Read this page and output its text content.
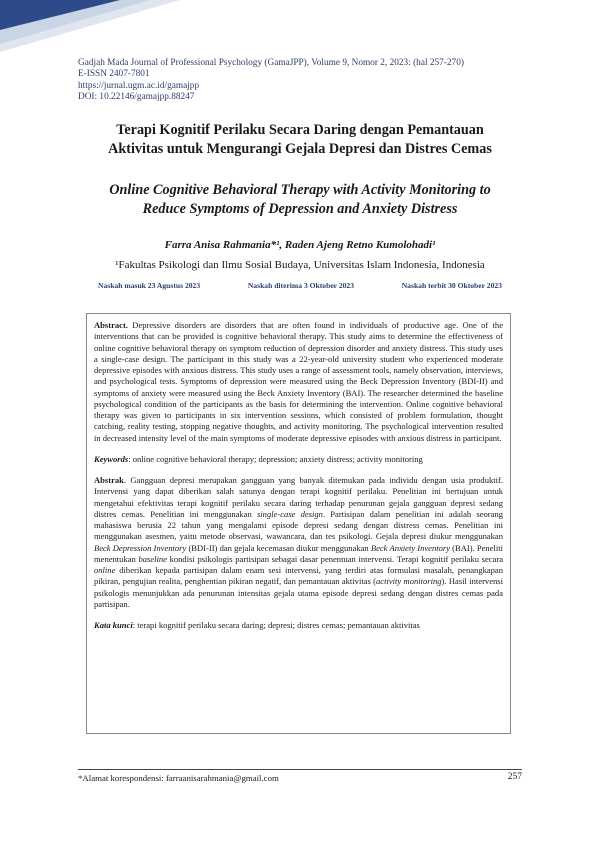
Gadjah Mada Journal of Professional Psychology (GamaJPP), Volume 9, Nomor 2, 2023: (hal 257-270)
E-ISSN 2407-7801
https://jurnal.ugm.ac.id/gamajpp
DOI: 10.22146/gamajpp.88247
Terapi Kognitif Perilaku Secara Daring dengan Pemantauan
Aktivitas untuk Mengurangi Gejala Depresi dan Distres Cemas
Online Cognitive Behavioral Therapy with Activity Monitoring to
Reduce Symptoms of Depression and Anxiety Distress
Farra Anisa Rahmania*¹, Raden Ajeng Retno Kumolohadi¹
¹Fakultas Psikologi dan Ilmu Sosial Budaya, Universitas Islam Indonesia, Indonesia
Naskah masuk 23 Agustus 2023	Naskah diterima 3 Oktober 2023	Naskah terbit 30 Oktober 2023

Abstract. Depressive disorders are disorders that are often found in individuals of productive age. One of the interventions that can be provided is cognitive behavioral therapy. This study aims to determine the effectiveness of online cognitive behavioral therapy on symptom reduction of depression disorder and anxiety distress. This study uses a single-case design. The participant in this study was a 22-year-old university student who experienced moderate depressive episodes with anxious distress. This study uses a range of assessment tools, namely observation, interviews, and psychological tests. Symptoms of depression were measured using the Beck Depression Inventory (BDI-II) and symptoms of anxiety were measured using the Beck Anxiety Inventory (BAI). The researcher determined the baseline psychological condition of the participants as the basis for determining the intervention. Online cognitive behavioral therapy was given to participants in six intervention sessions, which consisted of problem formulation, thought catching, reality testing, stopping negative thoughts, and activity monitoring. The psychological intervention resulted in decreased intensity level of the main symptoms of moderate depressive episodes with anxious distress in participant.

Keywords: online cognitive behavioral therapy; depression; anxiety distress; activity monitoring

Abstrak. Gangguan depresi merupakan gangguan yang banyak ditemukan pada individu dengan usia produktif. Intervensi yang dapat diberikan salah satunya dengan terapi kognitif perilaku. Penelitian ini bertujuan untuk mengetahui efektivitas terapi kognitif perilaku secara daring terhadap penurunan gejala gangguan depresi sedang distres cemas. Penelitian ini menggunakan single-case design. Partisipan dalam penelitian ini adalah seorang mahasiswa berusia 22 tahun yang mengalami episode depresi sedang dengan distress cemas. Penelitian ini menggunakan asesmen, yaitu metode observasi, wawancara, dan tes psikologi. Gejala depresi diukur menggunakan Beck Depression Inventory (BDI-II) dan gejala kecemasan diukur menggunakan Beck Anxiety Inventory (BAI). Peneliti menentukan baseline kondisi psikologis partisipan sebagai dasar penentuan intervensi. Terapi kognitif perilaku secara online diberikan kepada partisipan dalam enam sesi intervensi, yang terdiri atas formulasi masalah, penangkapan pikiran, pengujian realita, penghentian pikiran negatif, dan pemantauan aktivitas (activity monitoring). Hasil intervensi psikologis menunjukkan ada penurunan intensitas gejala utama episode depresi sedang dengan distres cemas pada partisipan.

Kata kunci: terapi kognitif perilaku secara daring; depresi; distres cemas; pemantauan aktivitas

*Alamat korespondensi: farraanisarahmania@gmail.com	257
